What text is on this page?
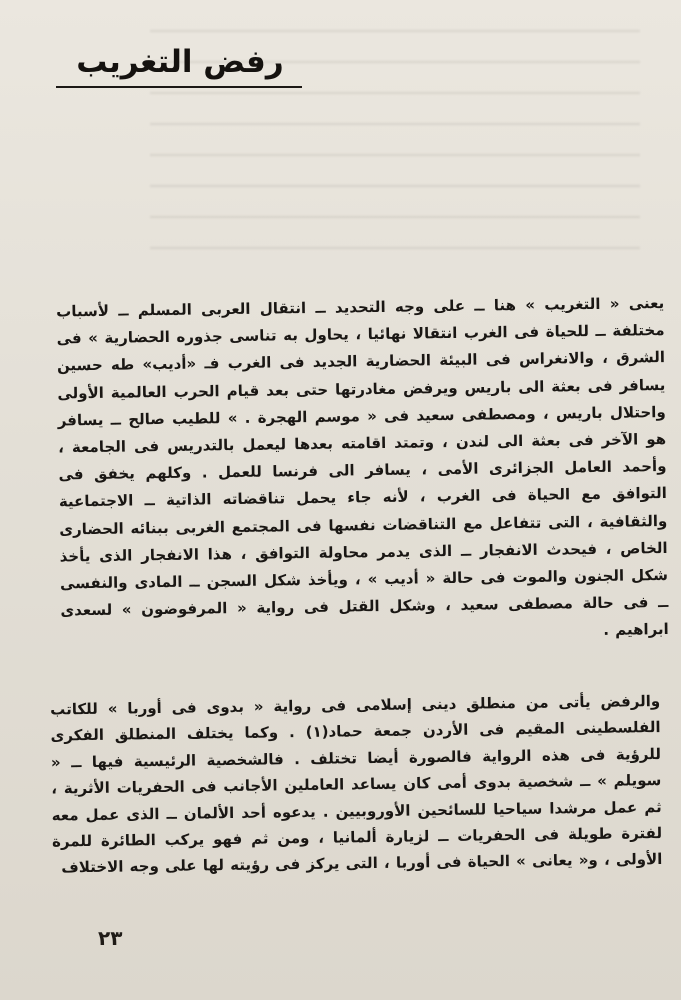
رفض التغريب

يعنى « التغريب » هنا ــ على وجه التحديد ــ انتقال العربى المسلم ــ لأسباب مختلفة ــ للحياة فى الغرب انتقالا نهائيا ، يحاول به تناسى جذوره الحضارية » فى الشرق ، والانغراس فى البيئة الحضارية الجديد فى الغرب فـ «أديب» طه حسين يسافر فى بعثة الى باريس ويرفض مغادرتها حتى بعد قيام الحرب العالمية الأولى واحتلال باريس ، ومصطفى سعيد فى « موسم الهجرة . » للطيب صالح ــ يسافر هو الآخر فى بعثة الى لندن ، وتمتد اقامته بعدها ليعمل بالتدريس فى الجامعة ، وأحمد العامل الجزائرى الأمى ، يسافر الى فرنسا للعمل . وكلهم يخفق فى التوافق مع الحياة فى الغرب ، لأنه جاء يحمل تناقضاته الذاتية ــ الاجتماعية والثقافية ، التى تتفاعل مع التناقضات نفسها فى المجتمع الغربى ببنائه الحضارى الخاص ، فيحدث الانفجار ــ الذى يدمر محاولة التوافق ، هذا الانفجار الذى يأخذ شكل الجنون والموت فى حالة « أديب » ، ويأخذ شكل السجن ــ المادى والنفسى ــ فى حالة مصطفى سعيد ، وشكل القتل فى رواية « المرفوضون » لسعدى ابراهيم .

والرفض يأتى من منطلق دينى إسلامى فى رواية « بدوى فى أوربا » للكاتب الفلسطينى المقيم فى الأردن جمعة حماد(١) . وكما يختلف المنطلق الفكرى للرؤية فى هذه الرواية فالصورة أيضا تختلف . فالشخصية الرئيسية فيها ــ « سويلم » ــ شخصية بدوى أمى كان يساعد العاملين الأجانب فى الحفريات الأثرية ، ثم عمل مرشدا سياحيا للسائحين الأوروبيين . يدعوه أحد الألمان ــ الذى عمل معه لفترة طويلة فى الحفريات ــ لزيارة ألمانيا ، ومن ثم فهو يركب الطائرة للمرة الأولى ، و« يعانى » الحياة فى أوربا ، التى يركز فى رؤيته لها على وجه الاختلاف

٢٣
